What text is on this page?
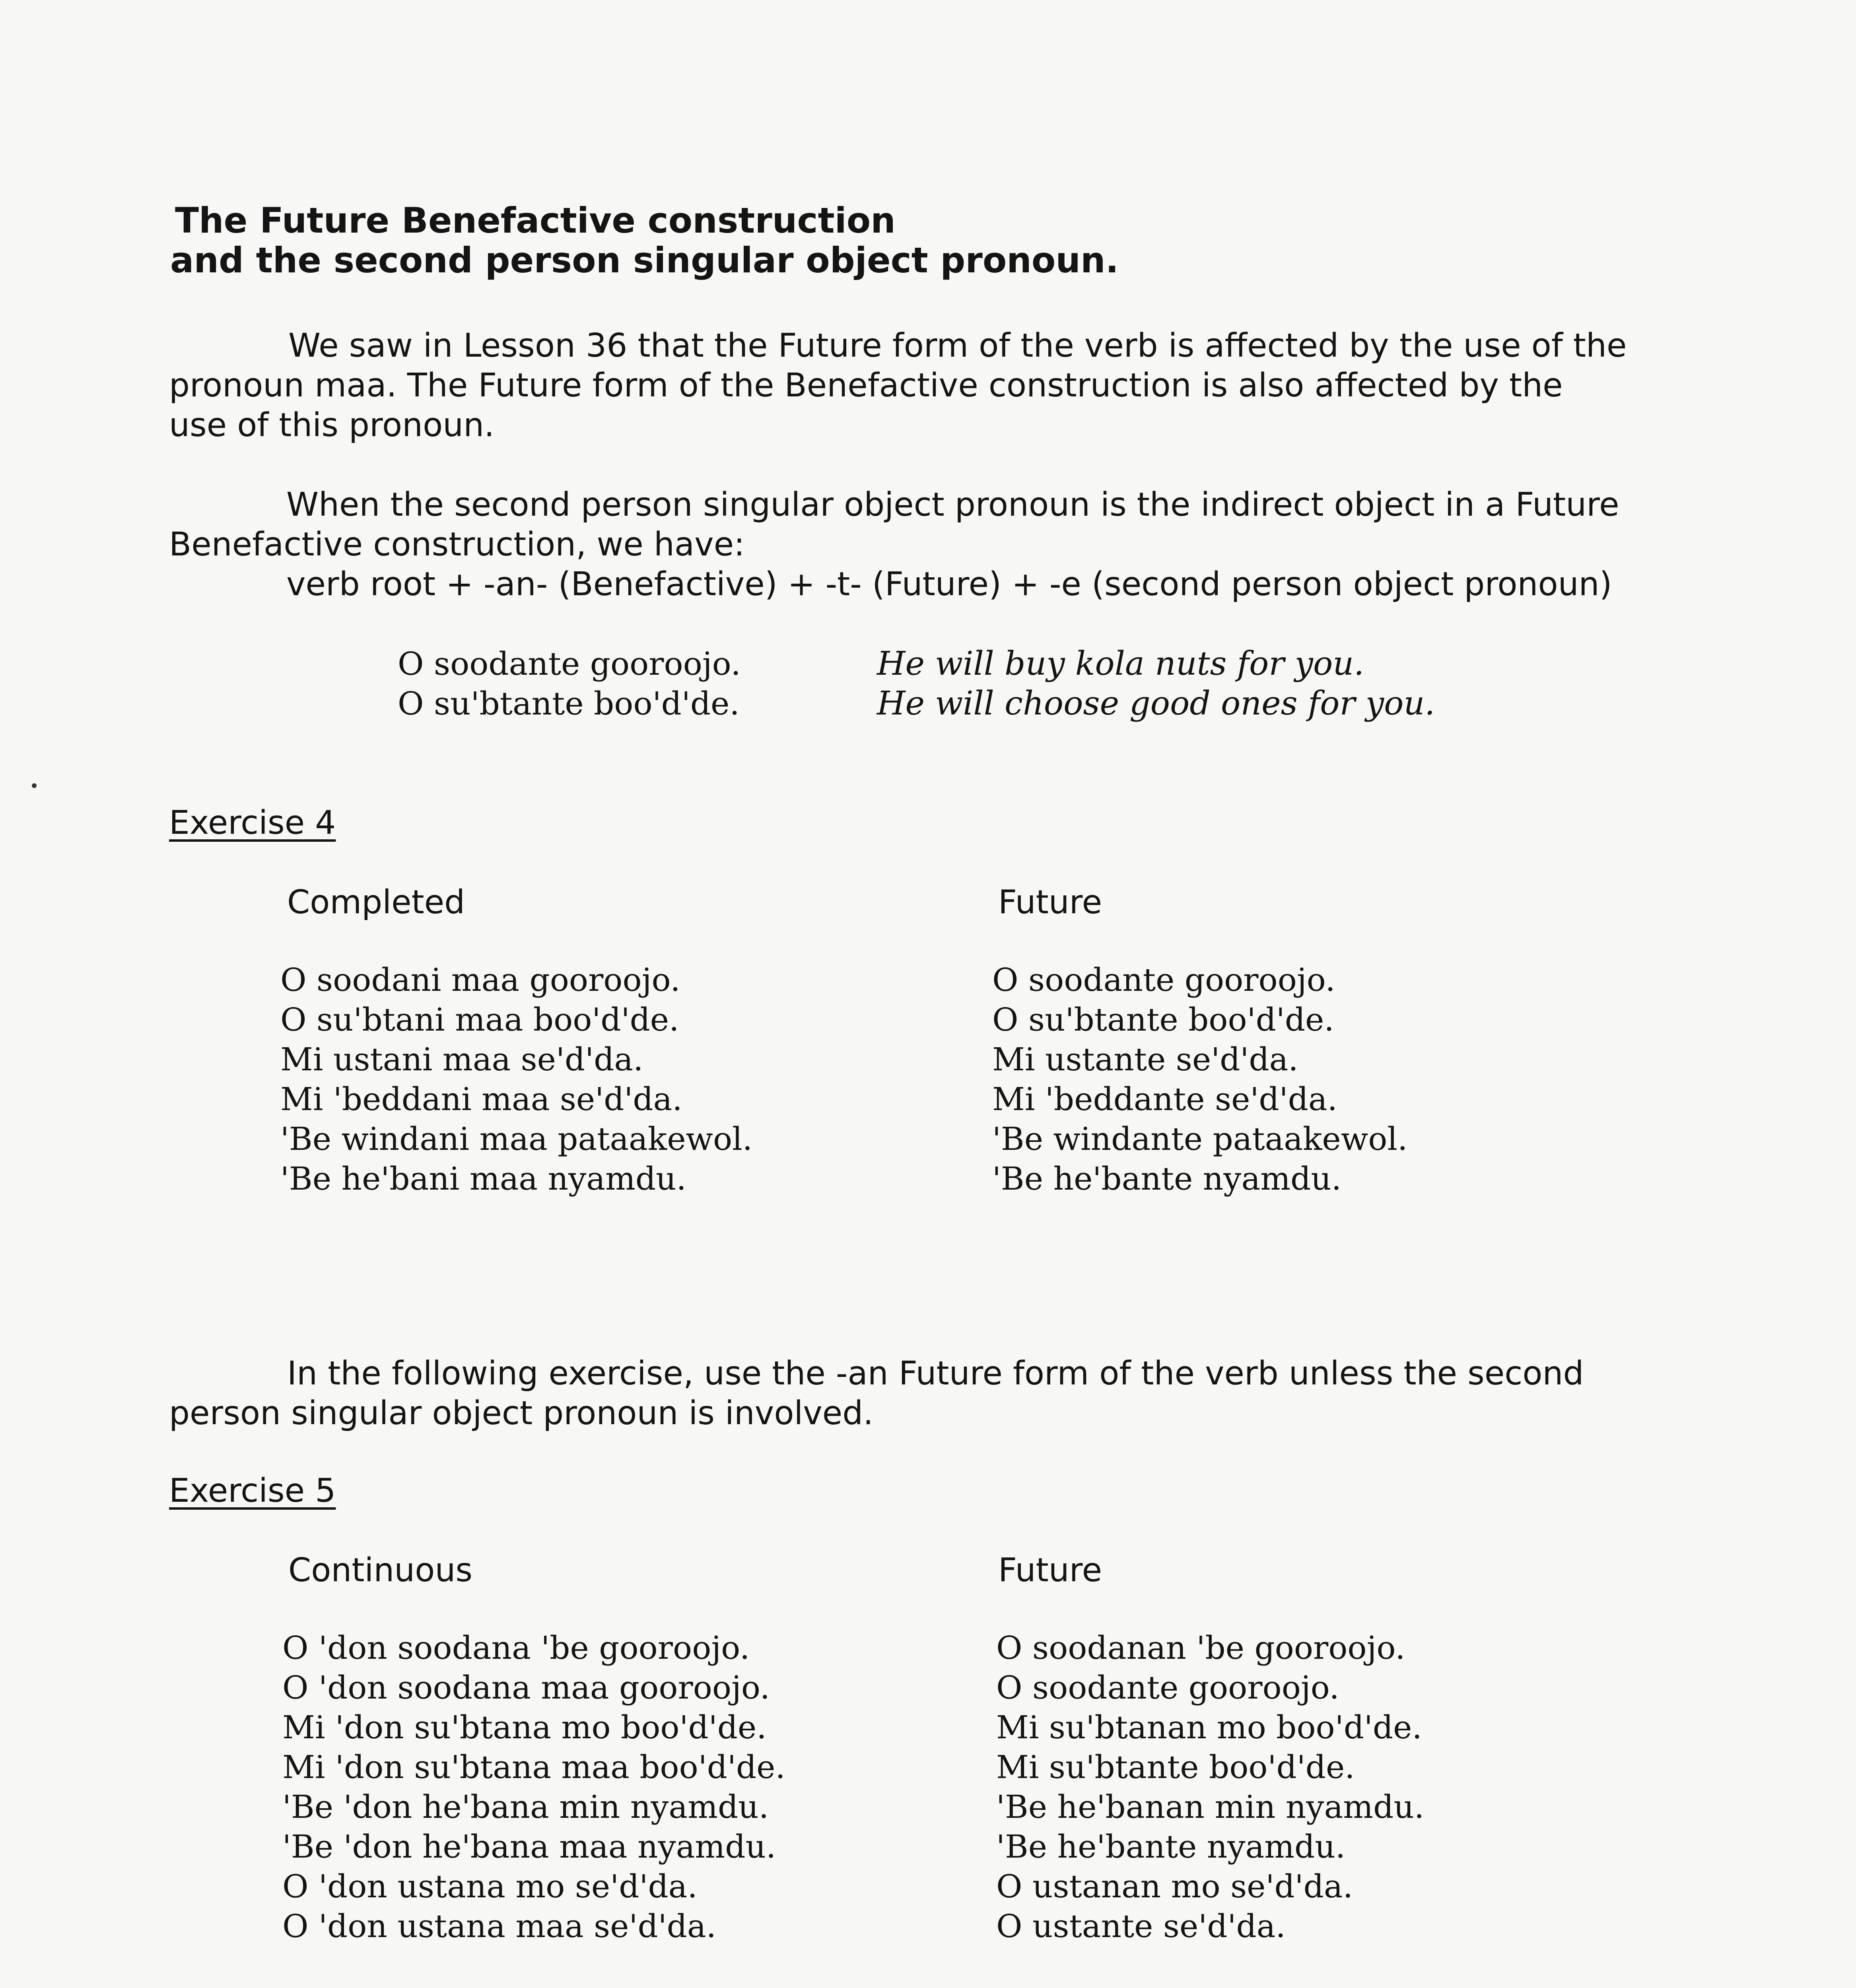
The Future Benefactive construction
and the second person singular object pronoun.
We saw in Lesson 36 that the Future form of the verb is affected by the use of the
pronoun maa. The Future form of the Benefactive construction is also affected by the
use of this pronoun.
When the second person singular object pronoun is the indirect object in a Future
Benefactive construction, we have:
verb root + -an- (Benefactive) + -t- (Future) + -e (second person object pronoun)
O soodante gooroojo.
O su'btante boo'd'de.
He will buy kola nuts for you.
He will choose good ones for you.
Exercise 4
Completed	Future
O soodani maa gooroojo.
O su'btani maa boo'd'de.
Mi ustani maa se'd'da.
Mi 'beddani maa se'd'da.
'Be windani maa pataakewol.
'Be he'bani maa nyamdu.
O soodante gooroojo.
O su'btante boo'd'de.
Mi ustante se'd'da.
Mi 'beddante se'd'da.
'Be windante pataakewol.
'Be he'bante nyamdu.
In the following exercise, use the -an Future form of the verb unless the second
person singular object pronoun is involved.
Exercise 5
Continuous	Future
O 'don soodana 'be gooroojo.
O 'don soodana maa gooroojo.
Mi 'don su'btana mo boo'd'de.
Mi 'don su'btana maa boo'd'de.
'Be 'don he'bana min nyamdu.
'Be 'don he'bana maa nyamdu.
O 'don ustana mo se'd'da.
O 'don ustana maa se'd'da.
O soodanan 'be gooroojo.
O soodante gooroojo.
Mi su'btanan mo boo'd'de.
Mi su'btante boo'd'de.
'Be he'banan min nyamdu.
'Be he'bante nyamdu.
O ustanan mo se'd'da.
O ustante se'd'da.
